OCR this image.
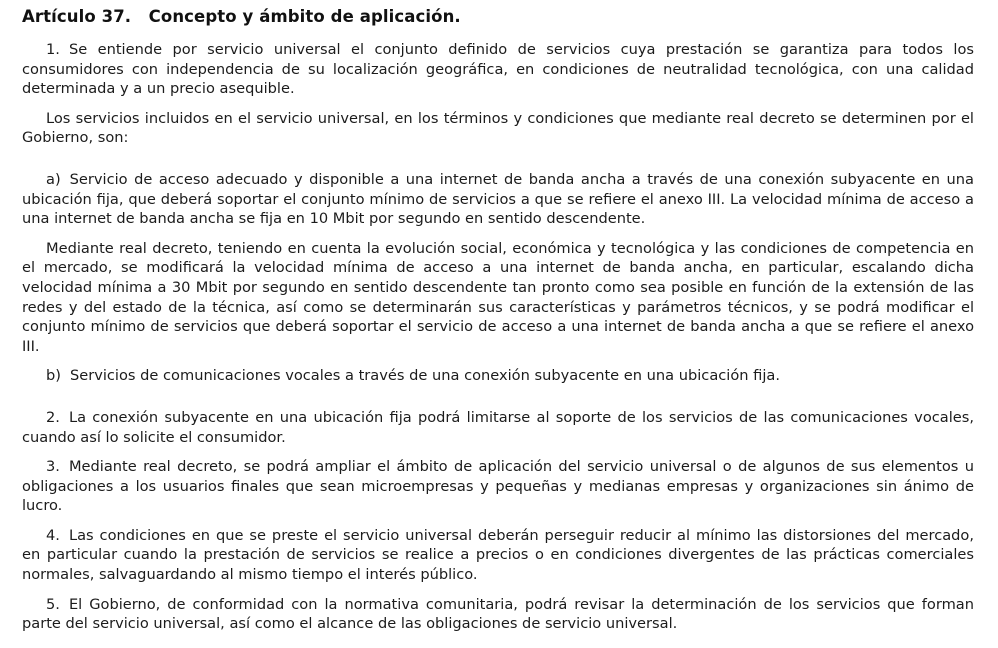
Artículo 37.   Concepto y ámbito de aplicación.

1. Se entiende por servicio universal el conjunto definido de servicios cuya prestación se garantiza para todos los consumidores con independencia de su localización geográfica, en condiciones de neutralidad tecnológica, con una calidad determinada y a un precio asequible.

Los servicios incluidos en el servicio universal, en los términos y condiciones que mediante real decreto se determinen por el Gobierno, son:

a) Servicio de acceso adecuado y disponible a una internet de banda ancha a través de una conexión subyacente en una ubicación fija, que deberá soportar el conjunto mínimo de servicios a que se refiere el anexo III. La velocidad mínima de acceso a una internet de banda ancha se fija en 10 Mbit por segundo en sentido descendente.

Mediante real decreto, teniendo en cuenta la evolución social, económica y tecnológica y las condiciones de competencia en el mercado, se modificará la velocidad mínima de acceso a una internet de banda ancha, en particular, escalando dicha velocidad mínima a 30 Mbit por segundo en sentido descendente tan pronto como sea posible en función de la extensión de las redes y del estado de la técnica, así como se determinarán sus características y parámetros técnicos, y se podrá modificar el conjunto mínimo de servicios que deberá soportar el servicio de acceso a una internet de banda ancha a que se refiere el anexo III.

b) Servicios de comunicaciones vocales a través de una conexión subyacente en una ubicación fija.

2. La conexión subyacente en una ubicación fija podrá limitarse al soporte de los servicios de las comunicaciones vocales, cuando así lo solicite el consumidor.

3. Mediante real decreto, se podrá ampliar el ámbito de aplicación del servicio universal o de algunos de sus elementos u obligaciones a los usuarios finales que sean microempresas y pequeñas y medianas empresas y organizaciones sin ánimo de lucro.

4. Las condiciones en que se preste el servicio universal deberán perseguir reducir al mínimo las distorsiones del mercado, en particular cuando la prestación de servicios se realice a precios o en condiciones divergentes de las prácticas comerciales normales, salvaguardando al mismo tiempo el interés público.

5. El Gobierno, de conformidad con la normativa comunitaria, podrá revisar la determinación de los servicios que forman parte del servicio universal, así como el alcance de las obligaciones de servicio universal.
